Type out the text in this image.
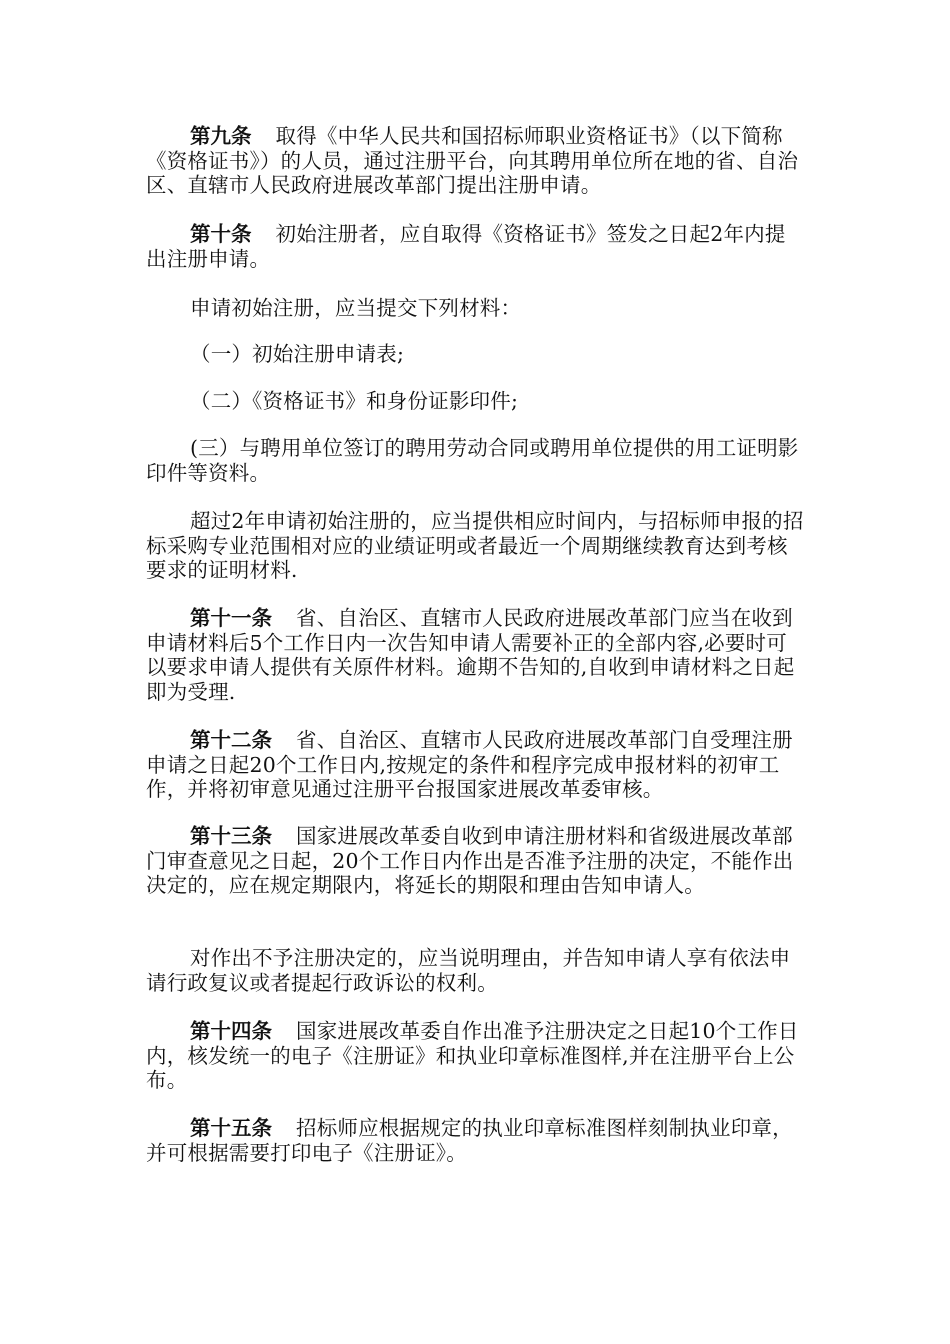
第九条 取得《中华人民共和国招标师职业资格证书》（以下简称《资格证书》）的人员，通过注册平台，向其聘用单位所在地的省、自治区、直辖市人民政府进展改革部门提出注册申请。

第十条 初始注册者，应自取得《资格证书》签发之日起2年内提出注册申请。

申请初始注册，应当提交下列材料：

（一）初始注册申请表;

（二）《资格证书》和身份证影印件;

(三）与聘用单位签订的聘用劳动合同或聘用单位提供的用工证明影印件等资料。

超过2年申请初始注册的，应当提供相应时间内，与招标师申报的招标采购专业范围相对应的业绩证明或者最近一个周期继续教育达到考核要求的证明材料.

第十一条 省、自治区、直辖市人民政府进展改革部门应当在收到申请材料后5个工作日内一次告知申请人需要补正的全部内容,必要时可以要求申请人提供有关原件材料。逾期不告知的,自收到申请材料之日起即为受理.

第十二条 省、自治区、直辖市人民政府进展改革部门自受理注册申请之日起20个工作日内,按规定的条件和程序完成申报材料的初审工作，并将初审意见通过注册平台报国家进展改革委审核。

第十三条 国家进展改革委自收到申请注册材料和省级进展改革部门审查意见之日起，20个工作日内作出是否准予注册的决定，不能作出决定的，应在规定期限内，将延长的期限和理由告知申请人。

对作出不予注册决定的，应当说明理由，并告知申请人享有依法申请行政复议或者提起行政诉讼的权利。

第十四条 国家进展改革委自作出准予注册决定之日起10个工作日内，核发统一的电子《注册证》和执业印章标准图样,并在注册平台上公布。

第十五条 招标师应根据规定的执业印章标准图样刻制执业印章，并可根据需要打印电子《注册证》。
